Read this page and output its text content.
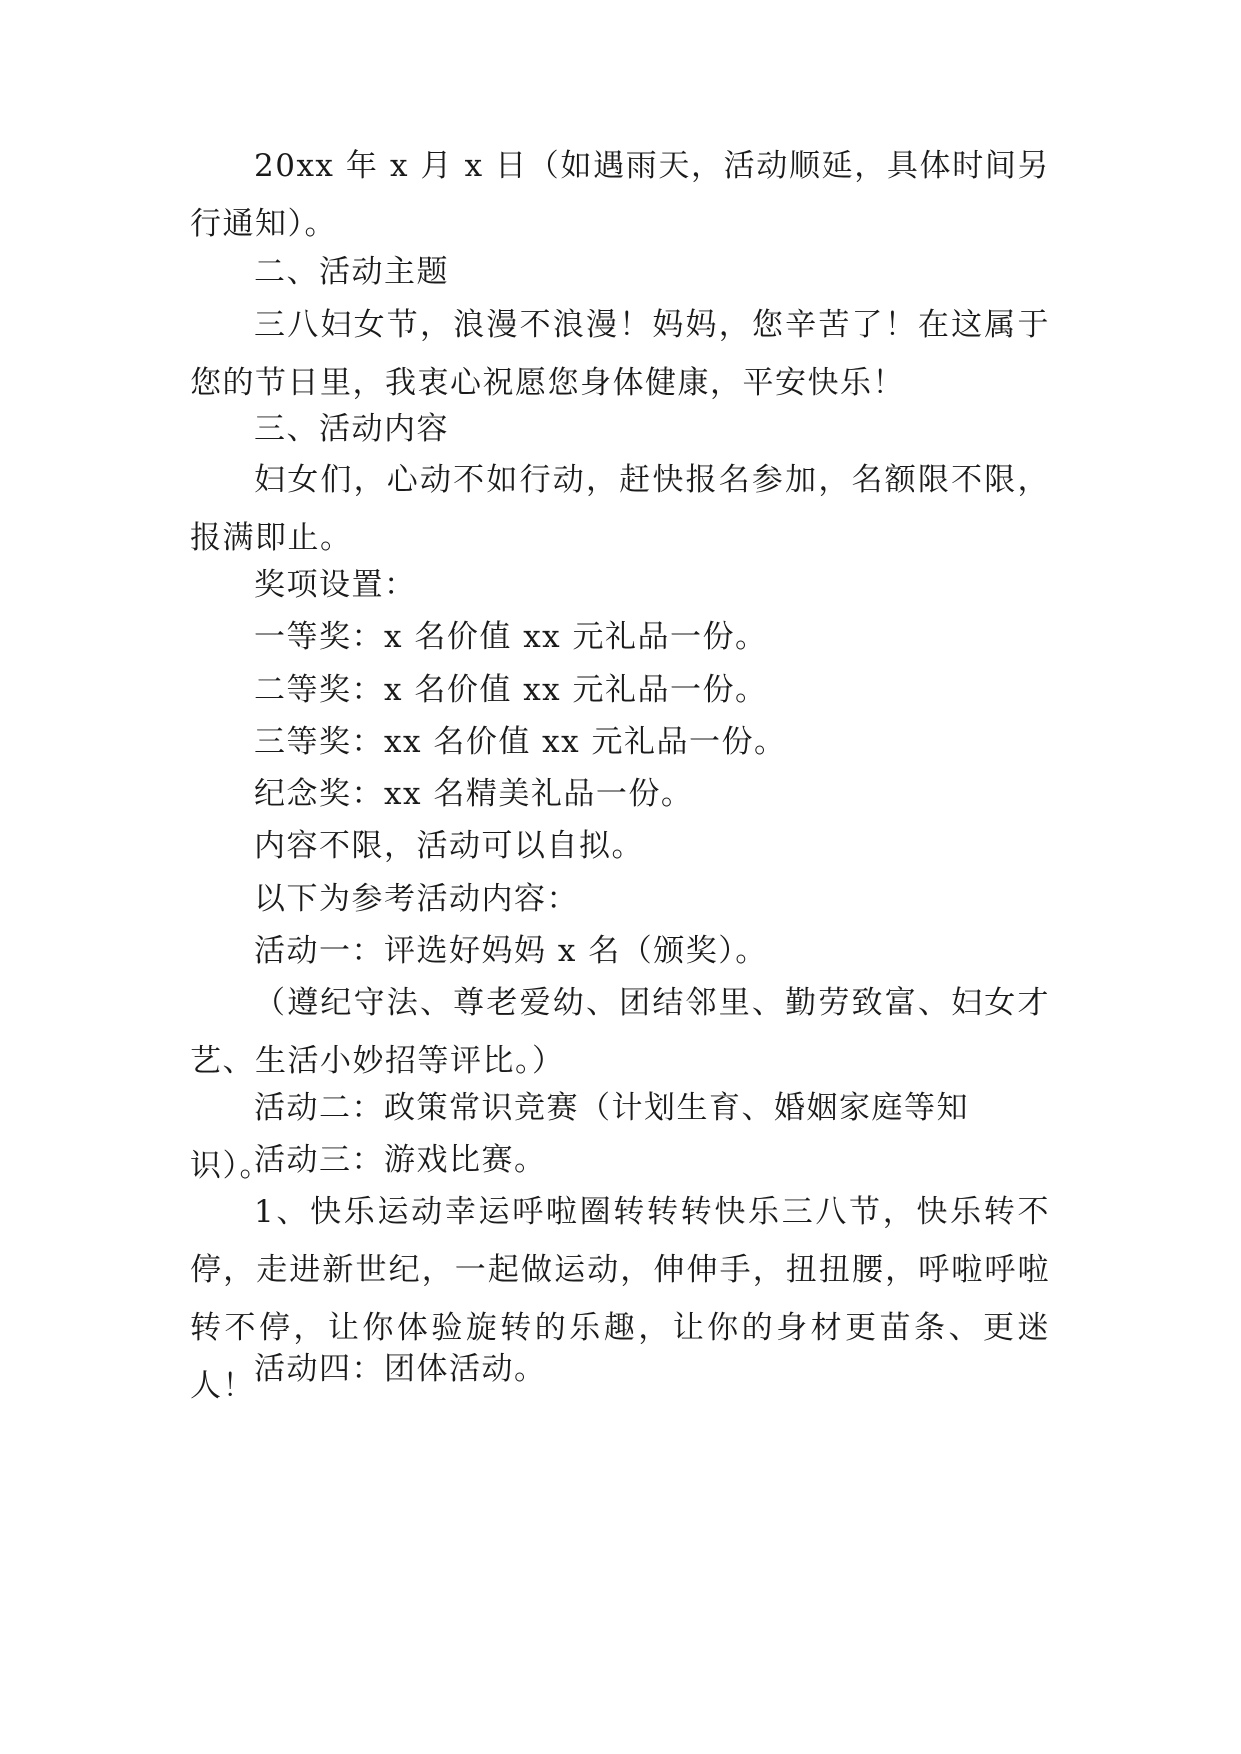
20xx 年 x 月 x 日（如遇雨天，活动顺延，具体时间另行通知）。

二、活动主题

三八妇女节，浪漫不浪漫！妈妈，您辛苦了！在这属于您的节日里，我衷心祝愿您身体健康，平安快乐！

三、活动内容

妇女们，心动不如行动，赶快报名参加，名额限不限，报满即止。

奖项设置：

一等奖：x 名价值 xx 元礼品一份。

二等奖：x 名价值 xx 元礼品一份。

三等奖：xx 名价值 xx 元礼品一份。

纪念奖：xx 名精美礼品一份。

内容不限，活动可以自拟。

以下为参考活动内容：

活动一：评选好妈妈 x 名（颁奖）。

（遵纪守法、尊老爱幼、团结邻里、勤劳致富、妇女才艺、生活小妙招等评比。）

活动二：政策常识竞赛（计划生育、婚姻家庭等知识）。

活动三：游戏比赛。

1、快乐运动幸运呼啦圈转转转快乐三八节，快乐转不停，走进新世纪，一起做运动，伸伸手，扭扭腰，呼啦呼啦转不停，让你体验旋转的乐趣，让你的身材更苗条、更迷人！ 活动四：团体活动。
